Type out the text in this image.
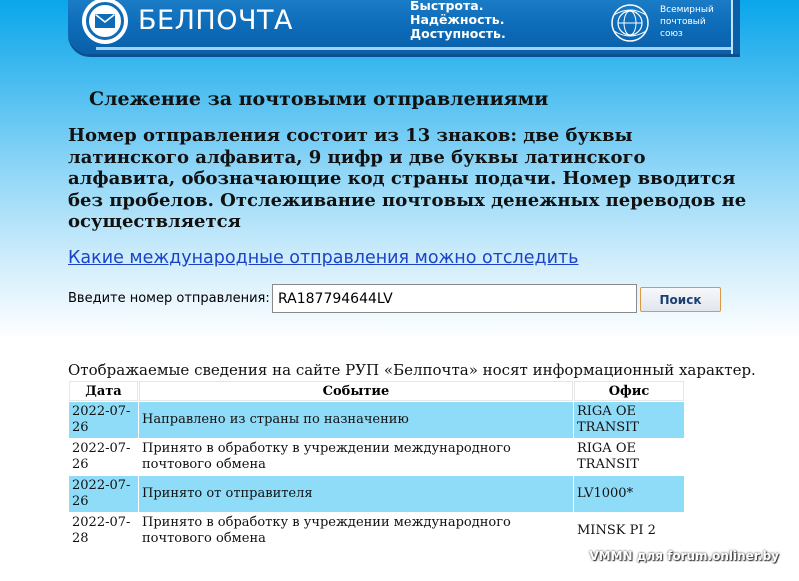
БЕЛПОЧТА	Быстрота.
Надёжность.
Доступность.
Всемирный
почтовый
союз
Слежение за почтовыми отправлениями

Номер отправления состоит из 13 знаков: две буквы латинского алфавита, 9 цифр и две буквы латинского алфавита, обозначающие код страны подачи. Номер вводится без пробелов. Отслеживание почтовых денежных переводов не осуществляется

Какие международные отправления можно отследить
Введите номер отправления:
RA187794644LV	Поиск

Отображаемые сведения на сайте РУП «Белпочта» носят информационный характер.

Дата	Событие	Офис
2022-07-26	Направлено из страны по назначению	RIGA OE TRANSIT
2022-07-26	Принято в обработку в учреждении международного почтового обмена	RIGA OE TRANSIT
2022-07-26	Принято от отправителя	LV1000*
2022-07-28	Принято в обработку в учреждении международного почтового обмена	MINSK PI 2
VMMN для forum.onliner.by
